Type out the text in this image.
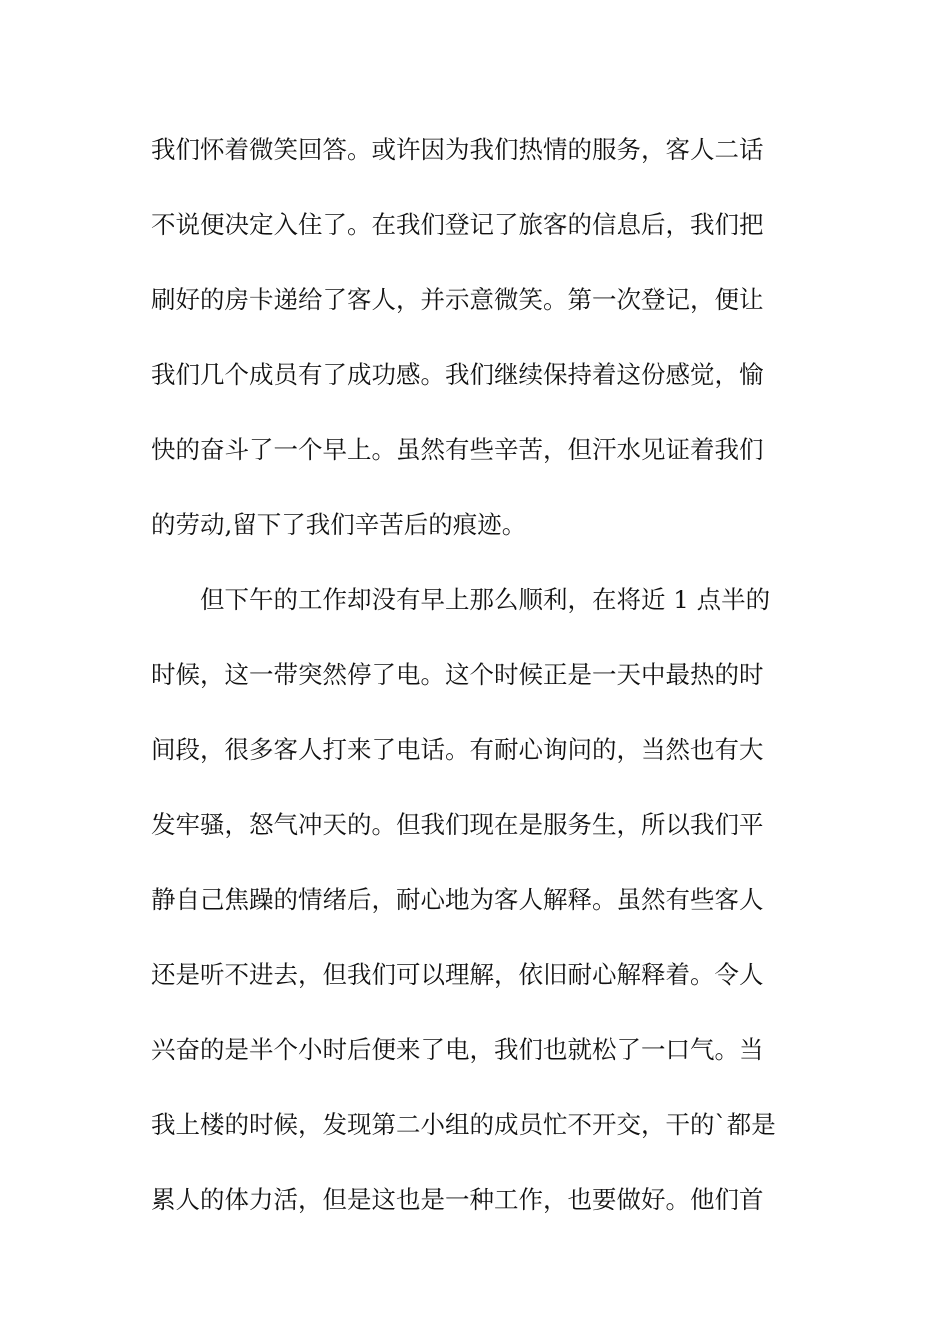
我们怀着微笑回答。或许因为我们热情的服务，客人二话
不说便决定入住了。在我们登记了旅客的信息后，我们把
刷好的房卡递给了客人，并示意微笑。第一次登记，便让
我们几个成员有了成功感。我们继续保持着这份感觉，愉
快的奋斗了一个早上。虽然有些辛苦，但汗水见证着我们
的劳动,留下了我们辛苦后的痕迹。
但下午的工作却没有早上那么顺利，在将近 1 点半的
时候，这一带突然停了电。这个时候正是一天中最热的时
间段，很多客人打来了电话。有耐心询问的，当然也有大
发牢骚，怒气冲天的。但我们现在是服务生，所以我们平
静自己焦躁的情绪后，耐心地为客人解释。虽然有些客人
还是听不进去，但我们可以理解，依旧耐心解释着。令人
兴奋的是半个小时后便来了电，我们也就松了一口气。当
我上楼的时候，发现第二小组的成员忙不开交，干的`都是
累人的体力活，但是这也是一种工作，也要做好。他们首
